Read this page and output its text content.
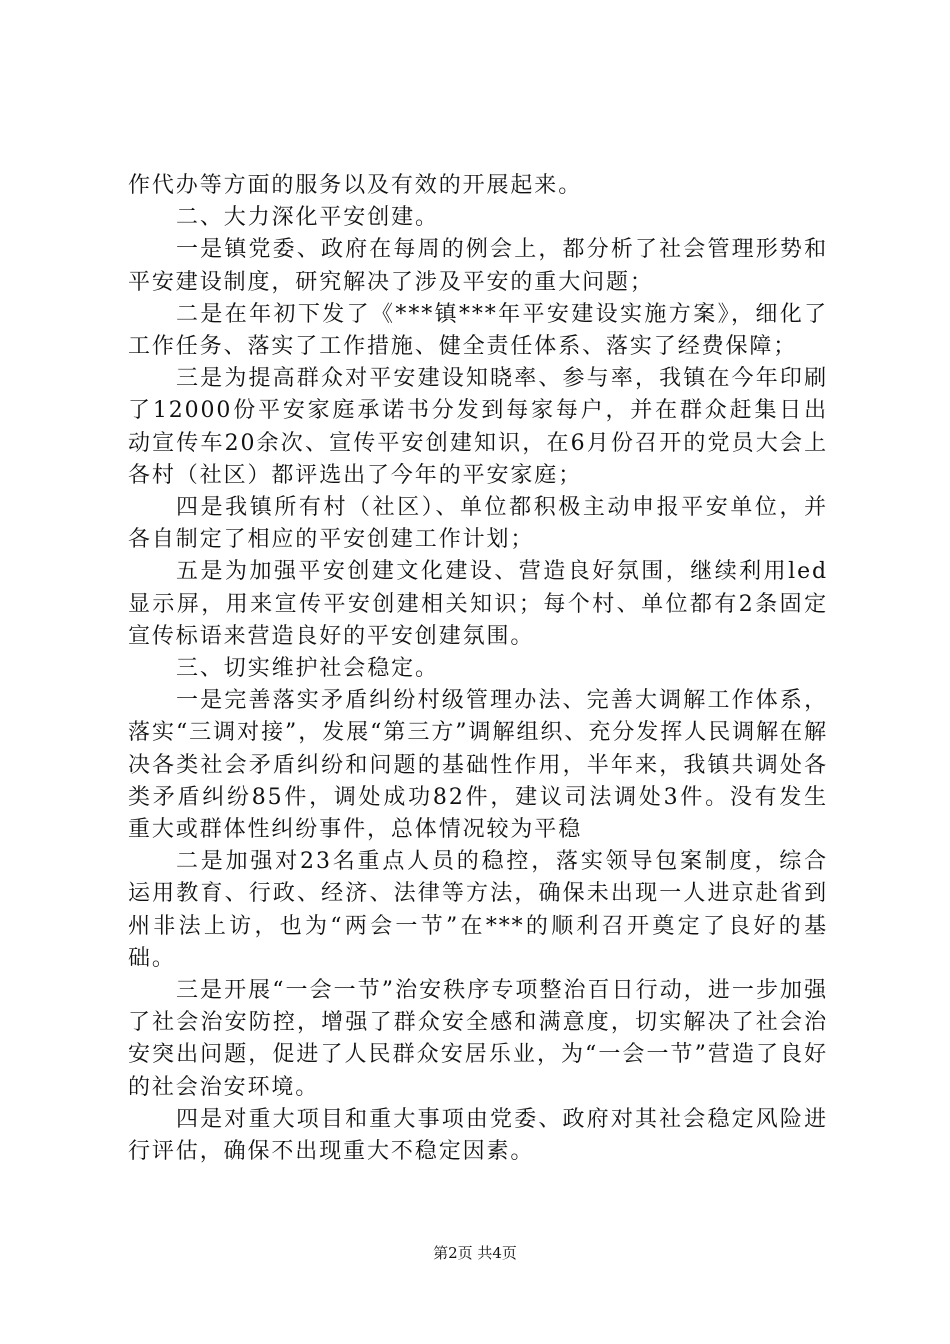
作代办等方面的服务以及有效的开展起来。

二、大力深化平安创建。

一是镇党委、政府在每周的例会上，都分析了社会管理形势和平安建设制度，研究解决了涉及平安的重大问题；

二是在年初下发了《***镇***年平安建设实施方案》，细化了工作任务、落实了工作措施、健全责任体系、落实了经费保障；

三是为提高群众对平安建设知晓率、参与率，我镇在今年印刷了12000份平安家庭承诺书分发到每家每户，并在群众赶集日出动宣传车20余次、宣传平安创建知识，在6月份召开的党员大会上各村（社区）都评选出了今年的平安家庭；

四是我镇所有村（社区）、单位都积极主动申报平安单位，并各自制定了相应的平安创建工作计划；

五是为加强平安创建文化建设、营造良好氛围，继续利用led显示屏，用来宣传平安创建相关知识；每个村、单位都有2条固定宣传标语来营造良好的平安创建氛围。

三、切实维护社会稳定。

一是完善落实矛盾纠纷村级管理办法、完善大调解工作体系，落实“三调对接”，发展“第三方”调解组织、充分发挥人民调解在解决各类社会矛盾纠纷和问题的基础性作用，半年来，我镇共调处各类矛盾纠纷85件，调处成功82件，建议司法调处3件。没有发生重大或群体性纠纷事件，总体情况较为平稳

二是加强对23名重点人员的稳控，落实领导包案制度，综合运用教育、行政、经济、法律等方法，确保未出现一人进京赴省到州非法上访，也为“两会一节”在***的顺利召开奠定了良好的基础。

三是开展“一会一节”治安秩序专项整治百日行动，进一步加强了社会治安防控，增强了群众安全感和满意度，切实解决了社会治安突出问题，促进了人民群众安居乐业，为“一会一节”营造了良好的社会治安环境。

四是对重大项目和重大事项由党委、政府对其社会稳定风险进行评估，确保不出现重大不稳定因素。

第2页 共4页
